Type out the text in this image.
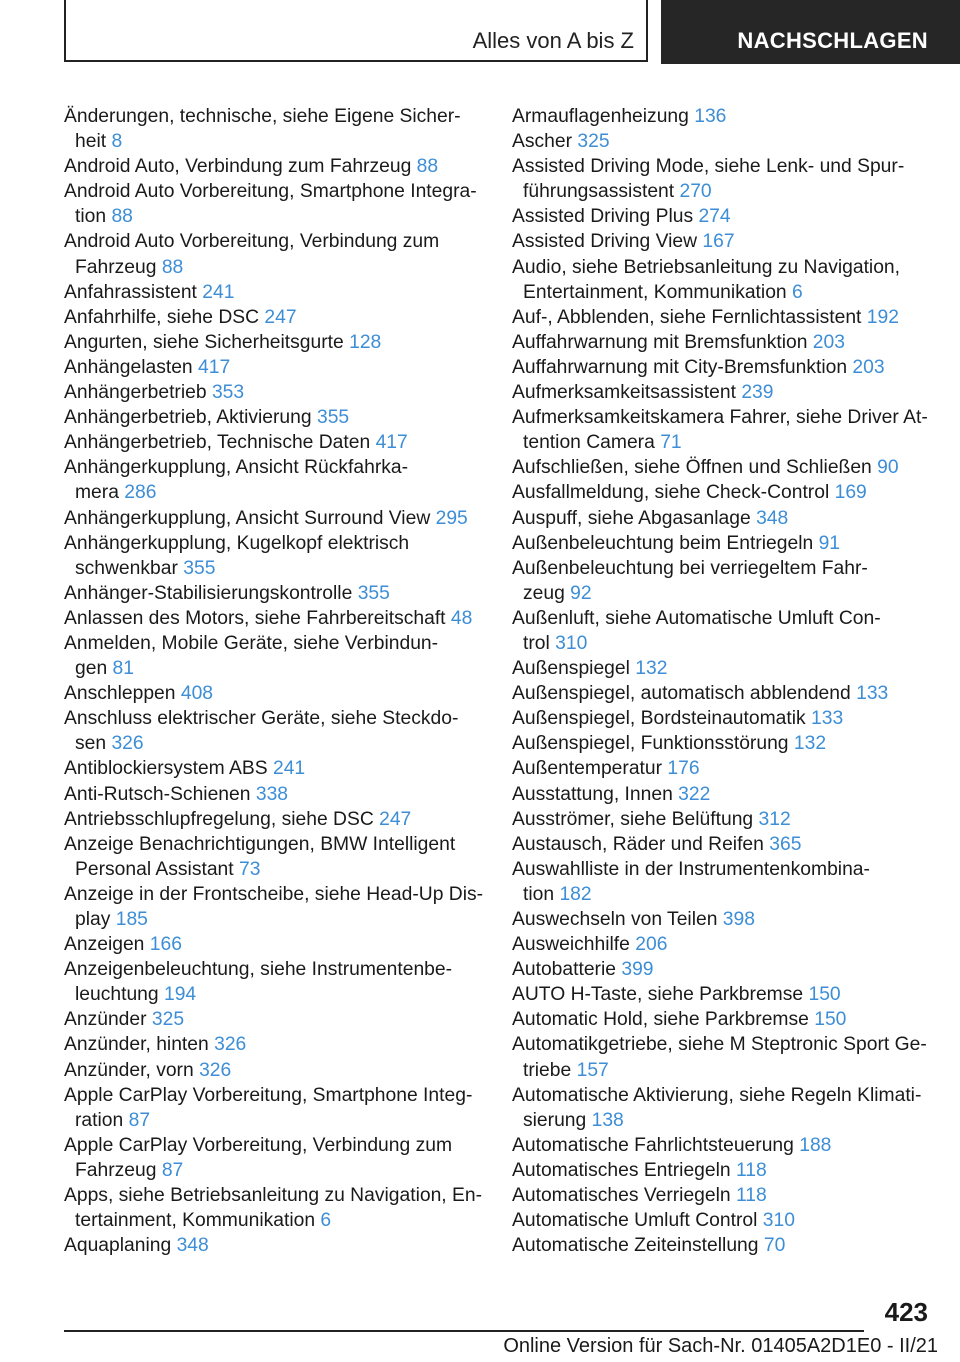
Alles von A bis Z	NACHSCHLAGEN
Änderungen, technische, siehe Eigene Sicher-
heit 8
Android Auto, Verbindung zum Fahrzeug 88
Android Auto Vorbereitung, Smartphone Integra-
tion 88
Android Auto Vorbereitung, Verbindung zum
Fahrzeug 88
Anfahrassistent 241
Anfahrhilfe, siehe DSC 247
Angurten, siehe Sicherheitsgurte 128
Anhängelasten 417
Anhängerbetrieb 353
Anhängerbetrieb, Aktivierung 355
Anhängerbetrieb, Technische Daten 417
Anhängerkupplung, Ansicht Rückfahrka-
mera 286
Anhängerkupplung, Ansicht Surround View 295
Anhängerkupplung, Kugelkopf elektrisch
schwenkbar 355
Anhänger-Stabilisierungskontrolle 355
Anlassen des Motors, siehe Fahrbereitschaft 48
Anmelden, Mobile Geräte, siehe Verbindun-
gen 81
Anschleppen 408
Anschluss elektrischer Geräte, siehe Steckdo-
sen 326
Antiblockiersystem ABS 241
Anti-Rutsch-Schienen 338
Antriebsschlupfregelung, siehe DSC 247
Anzeige Benachrichtigungen, BMW Intelligent
Personal Assistant 73
Anzeige in der Frontscheibe, siehe Head-Up Dis-
play 185
Anzeigen 166
Anzeigenbeleuchtung, siehe Instrumentenbe-
leuchtung 194
Anzünder 325
Anzünder, hinten 326
Anzünder, vorn 326
Apple CarPlay Vorbereitung, Smartphone Integ-
ration 87
Apple CarPlay Vorbereitung, Verbindung zum
Fahrzeug 87
Apps, siehe Betriebsanleitung zu Navigation, En-
tertainment, Kommunikation 6
Aquaplaning 348
Armauflagenheizung 136
Ascher 325
Assisted Driving Mode, siehe Lenk- und Spur-
führungsassistent 270
Assisted Driving Plus 274
Assisted Driving View 167
Audio, siehe Betriebsanleitung zu Navigation,
Entertainment, Kommunikation 6
Auf-, Abblenden, siehe Fernlichtassistent 192
Auffahrwarnung mit Bremsfunktion 203
Auffahrwarnung mit City-Bremsfunktion 203
Aufmerksamkeitsassistent 239
Aufmerksamkeitskamera Fahrer, siehe Driver At-
tention Camera 71
Aufschließen, siehe Öffnen und Schließen 90
Ausfallmeldung, siehe Check-Control 169
Auspuff, siehe Abgasanlage 348
Außenbeleuchtung beim Entriegeln 91
Außenbeleuchtung bei verriegeltem Fahr-
zeug 92
Außenluft, siehe Automatische Umluft Con-
trol 310
Außenspiegel 132
Außenspiegel, automatisch abblendend 133
Außenspiegel, Bordsteinautomatik 133
Außenspiegel, Funktionsstörung 132
Außentemperatur 176
Ausstattung, Innen 322
Ausströmer, siehe Belüftung 312
Austausch, Räder und Reifen 365
Auswahlliste in der Instrumentenkombina-
tion 182
Auswechseln von Teilen 398
Ausweichhilfe 206
Autobatterie 399
AUTO H-Taste, siehe Parkbremse 150
Automatic Hold, siehe Parkbremse 150
Automatikgetriebe, siehe M Steptronic Sport Ge-
triebe 157
Automatische Aktivierung, siehe Regeln Klimati-
sierung 138
Automatische Fahrlichtsteuerung 188
Automatisches Entriegeln 118
Automatisches Verriegeln 118
Automatische Umluft Control 310
Automatische Zeiteinstellung 70
423
Online Version für Sach-Nr. 01405A2D1E0 - II/21
